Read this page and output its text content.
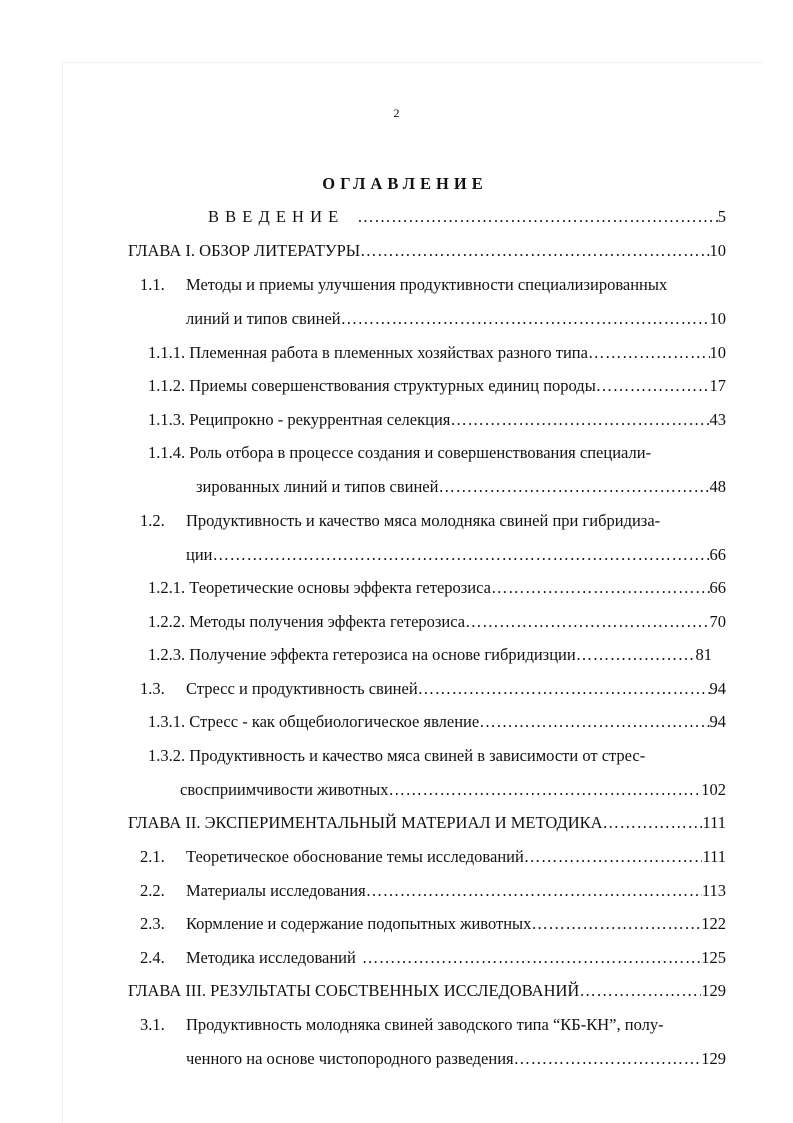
2
ОГЛАВЛЕНИЕ
В В Е Д Е Н И Е ……………………………………………………………………………………………………………………………………………………………………………………………………………	5
ГЛАВА I. ОБЗОР ЛИТЕРАТУРЫ ……………………………………………………………………………………………………………………………………………………………………………………………………………	10
1.1. Методы и приемы улучшения продуктивности специализированных
линий и типов свиней ……………………………………………………………………………………………………………………………………………………………………………………………………………	10
1.1.1. Племенная работа в племенных хозяйствах разного типа ……………………………………………………………………………………………………………………………………………………………………………………………………………	10
1.1.2. Приемы совершенствования структурных единиц породы ……………………………………………………………………………………………………………………………………………………………………………………………………………	17
1.1.3. Реципрокно - рекуррентная селекция ……………………………………………………………………………………………………………………………………………………………………………………………………………	43
1.1.4. Роль отбора в процессе создания и совершенствования специали-
зированных линий и типов свиней ……………………………………………………………………………………………………………………………………………………………………………………………………………	48
1.2. Продуктивность и качество мяса молодняка свиней при гибридиза-
ции ……………………………………………………………………………………………………………………………………………………………………………………………………………	66
1.2.1. Теоретические основы эффекта гетерозиса ……………………………………………………………………………………………………………………………………………………………………………………………………………	66
1.2.2. Методы получения эффекта гетерозиса ……………………………………………………………………………………………………………………………………………………………………………………………………………	70
1.2.3. Получение эффекта гетерозиса на основе гибридизции ……………………………………………………………………………………………………………………………………………………………………………………………………………	81
1.3. Стресс и продуктивность свиней ……………………………………………………………………………………………………………………………………………………………………………………………………………	94
1.3.1. Стресс - как общебиологическое явление ……………………………………………………………………………………………………………………………………………………………………………………………………………	94
1.3.2. Продуктивность и качество мяса свиней в зависимости от стрес-
свосприимчивости животных ……………………………………………………………………………………………………………………………………………………………………………………………………………	102
ГЛАВА II. ЭКСПЕРИМЕНТАЛЬНЫЙ МАТЕРИАЛ И МЕТОДИКА ……………………………………………………………………………………………………………………………………………………………………………………………………………	111
2.1. Теоретическое обоснование темы исследований ……………………………………………………………………………………………………………………………………………………………………………………………………………	111
2.2. Материалы исследования ……………………………………………………………………………………………………………………………………………………………………………………………………………	113
2.3. Кормление и содержание подопытных животных ……………………………………………………………………………………………………………………………………………………………………………………………………………	122
2.4. Методика исследований ……………………………………………………………………………………………………………………………………………………………………………………………………………	125
ГЛАВА III. РЕЗУЛЬТАТЫ СОБСТВЕННЫХ ИССЛЕДОВАНИЙ ……………………………………………………………………………………………………………………………………………………………………………………………………………	129
3.1. Продуктивность молодняка свиней заводского типа “КБ-КН”, полу-
ченного на основе чистопородного разведения ……………………………………………………………………………………………………………………………………………………………………………………………………………	129
